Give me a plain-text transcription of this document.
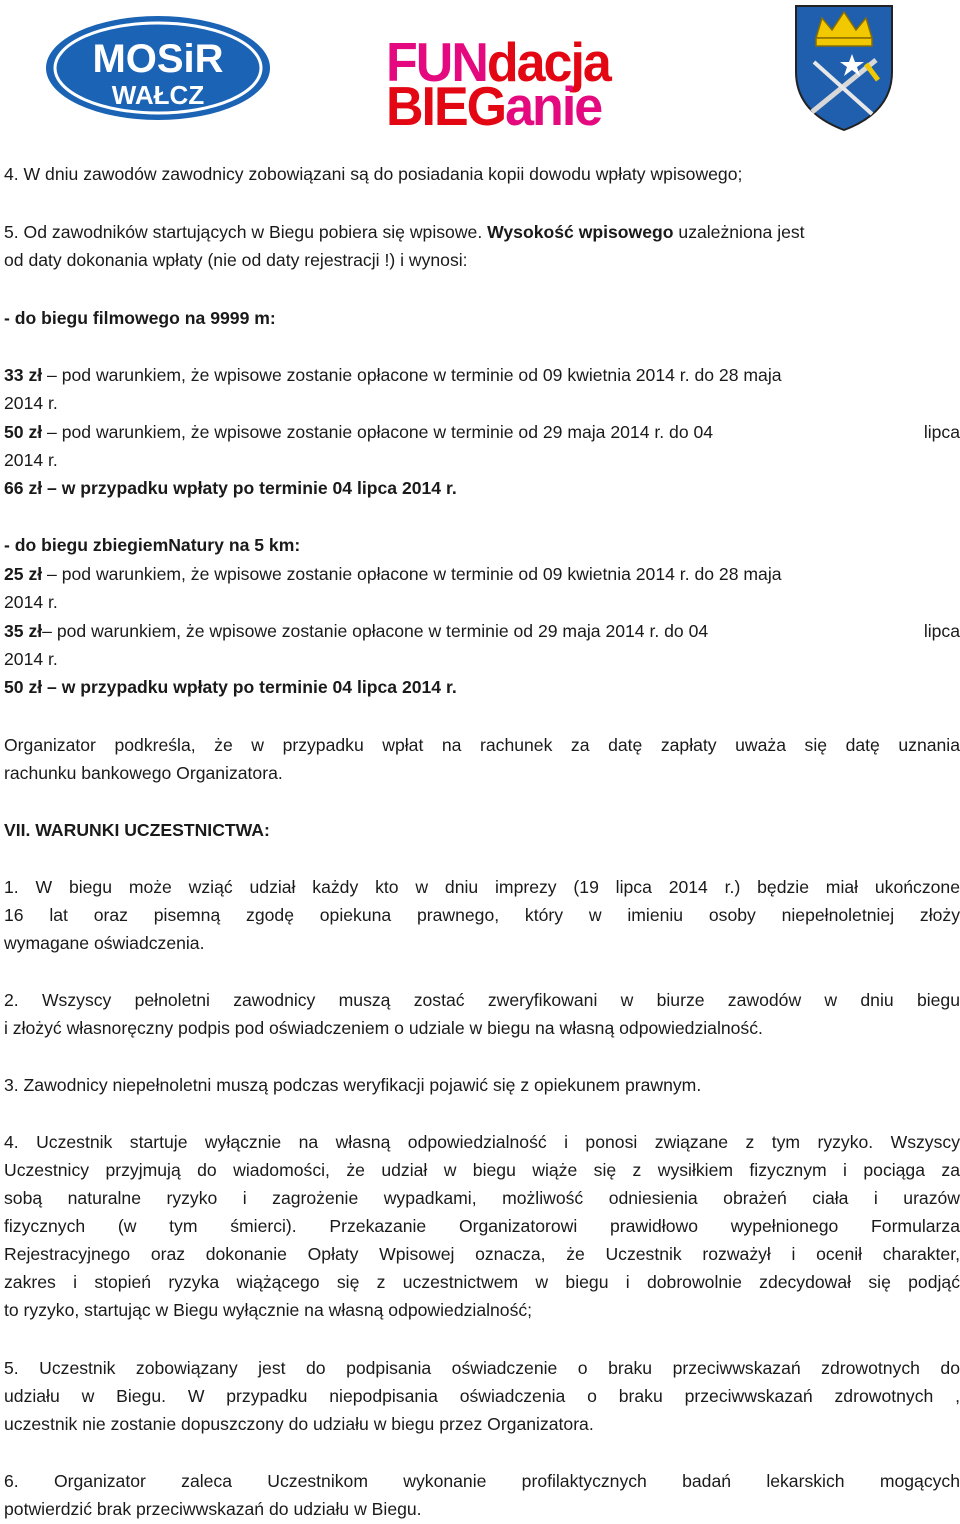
MOSiR
WAŁCZ
FUNdacja
BIEGanie

4. W dniu zawodów zawodnicy zobowiązani są do posiadania kopii dowodu wpłaty wpisowego;

5. Od zawodników startujących w Biegu pobiera się wpisowe. Wysokość wpisowego uzależniona jest

od daty dokonania wpłaty (nie od daty rejestracji !) i wynosi:

- do biegu filmowego na 9999 m:

33 zł – pod warunkiem, że wpisowe zostanie opłacone w terminie od 09 kwietnia 2014 r. do 28 maja

2014 r.

50 zł – pod warunkiem, że wpisowe zostanie opłacone w terminie od 29 maja 2014 r. do 04	lipca

2014 r.

66 zł – w przypadku wpłaty po terminie 04 lipca 2014 r.

- do biegu zbiegiemNatury na 5 km:

25 zł – pod warunkiem, że wpisowe zostanie opłacone w terminie od 09 kwietnia 2014 r. do 28 maja

2014 r.

35 zł– pod warunkiem, że wpisowe zostanie opłacone w terminie od 29 maja 2014 r. do 04	lipca

2014 r.

50 zł – w przypadku wpłaty po terminie 04 lipca 2014 r.

Organizator podkreśla, że w przypadku wpłat na rachunek za datę zapłaty uważa się datę uznania

rachunku bankowego Organizatora.

VII. WARUNKI UCZESTNICTWA:

1. W biegu może wziąć udział każdy kto w dniu imprezy (19 lipca 2014 r.) będzie miał ukończone

16 lat oraz pisemną zgodę opiekuna prawnego, który w imieniu osoby niepełnoletniej złoży

wymagane oświadczenia.

2. Wszyscy pełnoletni zawodnicy muszą zostać zweryfikowani w biurze zawodów w dniu biegu

i złożyć własnoręczny podpis pod oświadczeniem o udziale w biegu na własną odpowiedzialność.

3. Zawodnicy niepełnoletni muszą podczas weryfikacji pojawić się z opiekunem prawnym.

4. Uczestnik startuje wyłącznie na własną odpowiedzialność i ponosi związane z tym ryzyko. Wszyscy

Uczestnicy przyjmują do wiadomości, że udział w biegu wiąże się z wysiłkiem fizycznym i pociąga za

sobą naturalne ryzyko i zagrożenie wypadkami, możliwość odniesienia obrażeń ciała i urazów

fizycznych (w tym śmierci). Przekazanie Organizatorowi prawidłowo wypełnionego Formularza

Rejestracyjnego oraz dokonanie Opłaty Wpisowej oznacza, że Uczestnik rozważył i ocenił charakter,

zakres i stopień ryzyka wiążącego się z uczestnictwem w biegu i dobrowolnie zdecydował się podjąć

to ryzyko, startując w Biegu wyłącznie na własną odpowiedzialność;

5. Uczestnik zobowiązany jest do podpisania oświadczenie o braku przeciwwskazań zdrowotnych do

udziału w Biegu. W przypadku niepodpisania oświadczenia o braku przeciwwskazań zdrowotnych ,

uczestnik nie zostanie dopuszczony do udziału w biegu przez Organizatora.

6. Organizator zaleca Uczestnikom wykonanie profilaktycznych badań lekarskich mogących

potwierdzić brak przeciwwskazań do udziału w Biegu.
